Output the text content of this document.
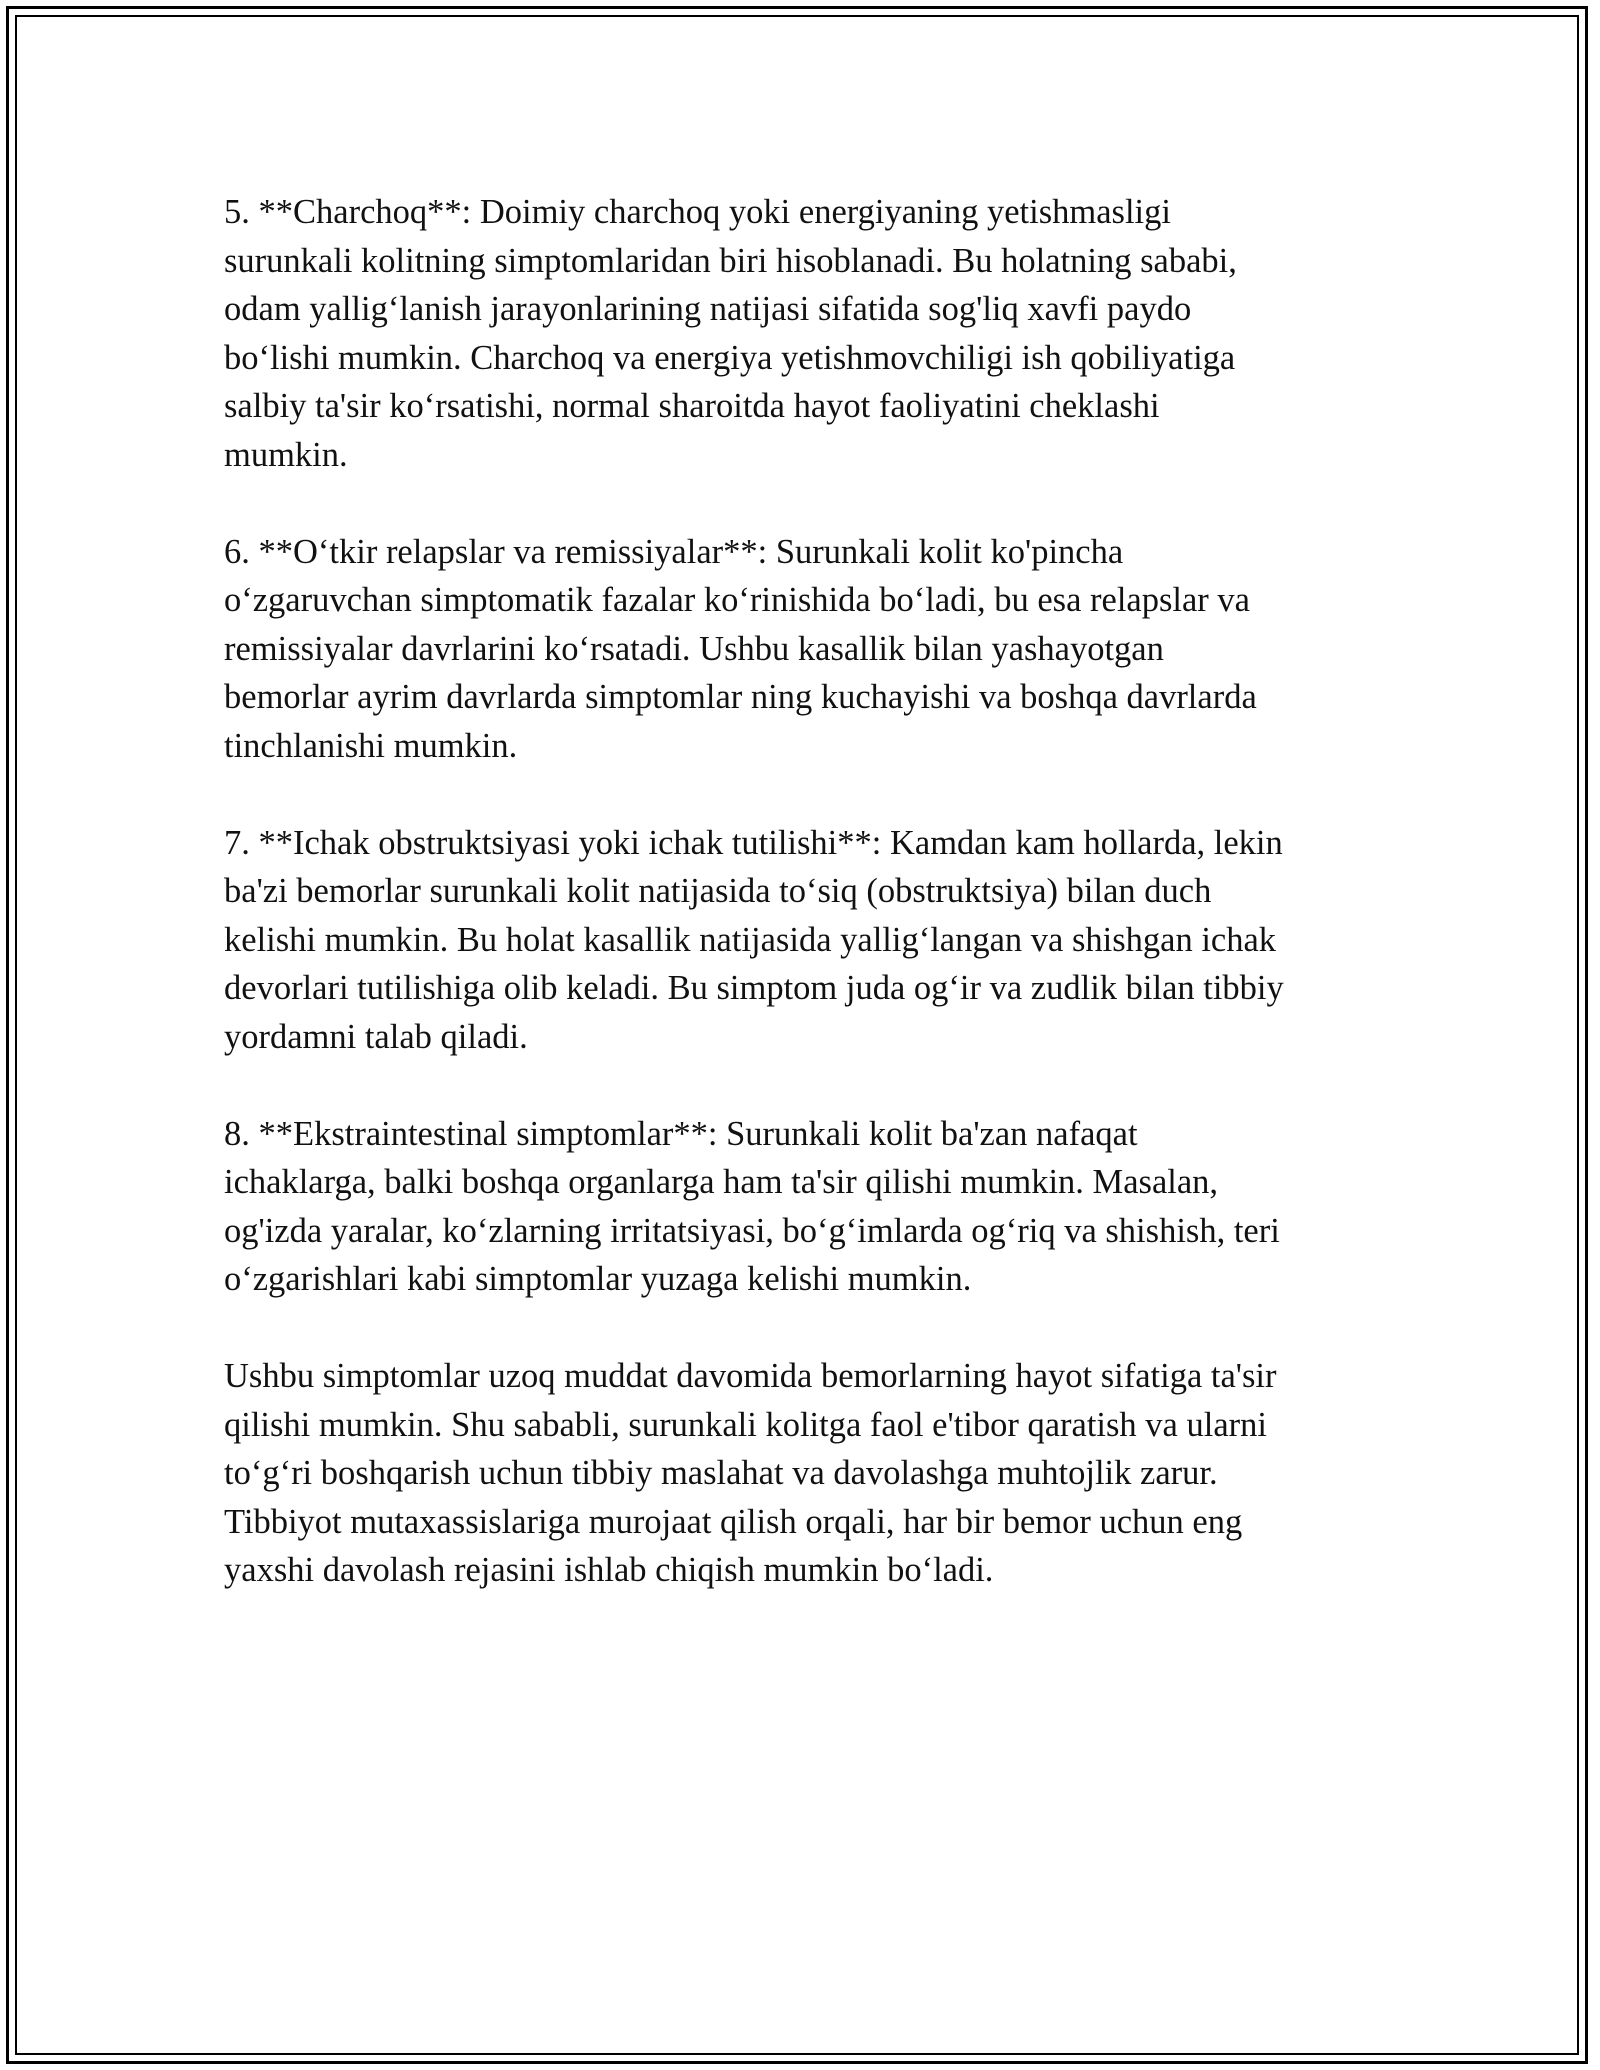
5. **Charchoq**: Doimiy charchoq yoki energiyaning yetishmasligi
surunkali kolitning simptomlaridan biri hisoblanadi. Bu holatning sababi,
odam yallig‘lanish jarayonlarining natijasi sifatida sog'liq xavfi paydo
bo‘lishi mumkin. Charchoq va energiya yetishmovchiligi ish qobiliyatiga
salbiy ta'sir ko‘rsatishi, normal sharoitda hayot faoliyatini cheklashi
mumkin.

6. **O‘tkir relapslar va remissiyalar**: Surunkali kolit ko'pincha
o‘zgaruvchan simptomatik fazalar ko‘rinishida bo‘ladi, bu esa relapslar va
remissiyalar davrlarini ko‘rsatadi. Ushbu kasallik bilan yashayotgan
bemorlar ayrim davrlarda simptomlar ning kuchayishi va boshqa davrlarda
tinchlanishi mumkin.

7. **Ichak obstruktsiyasi yoki ichak tutilishi**: Kamdan kam hollarda, lekin
ba'zi bemorlar surunkali kolit natijasida to‘siq (obstruktsiya) bilan duch
kelishi mumkin. Bu holat kasallik natijasida yallig‘langan va shishgan ichak
devorlari tutilishiga olib keladi. Bu simptom juda og‘ir va zudlik bilan tibbiy
yordamni talab qiladi.

8. **Ekstraintestinal simptomlar**: Surunkali kolit ba'zan nafaqat
ichaklarga, balki boshqa organlarga ham ta'sir qilishi mumkin. Masalan,
og'izda yaralar, ko‘zlarning irritatsiyasi, bo‘g‘imlarda og‘riq va shishish, teri
o‘zgarishlari kabi simptomlar yuzaga kelishi mumkin.

Ushbu simptomlar uzoq muddat davomida bemorlarning hayot sifatiga ta'sir
qilishi mumkin. Shu sababli, surunkali kolitga faol e'tibor qaratish va ularni
to‘g‘ri boshqarish uchun tibbiy maslahat va davolashga muhtojlik zarur.
Tibbiyot mutaxassislariga murojaat qilish orqali, har bir bemor uchun eng
yaxshi davolash rejasini ishlab chiqish mumkin bo‘ladi.
